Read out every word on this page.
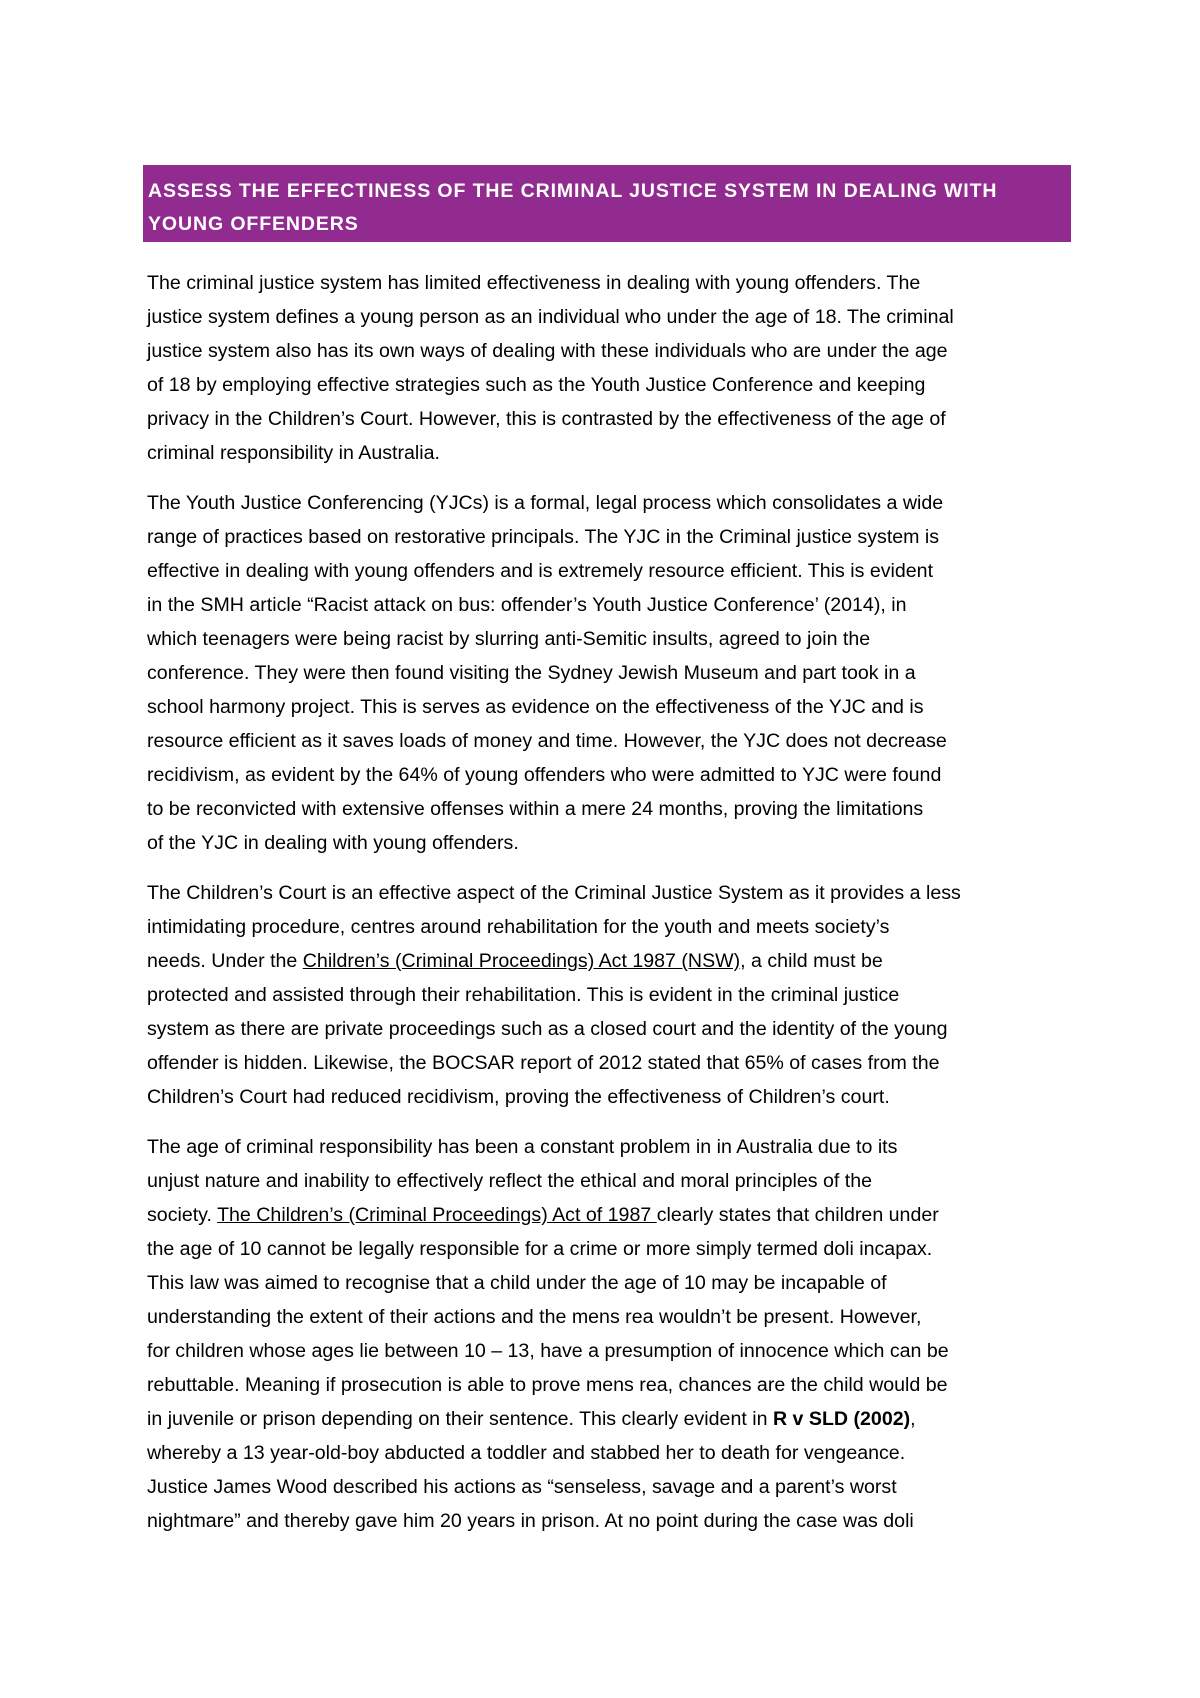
ASSESS THE EFFECTINESS OF THE CRIMINAL JUSTICE SYSTEM IN DEALING WITH
YOUNG OFFENDERS

The criminal justice system has limited effectiveness in dealing with young offenders. The
justice system defines a young person as an individual who under the age of 18. The criminal
justice system also has its own ways of dealing with these individuals who are under the age
of 18 by employing effective strategies such as the Youth Justice Conference and keeping
privacy in the Children’s Court. However, this is contrasted by the effectiveness of the age of
criminal responsibility in Australia.

The Youth Justice Conferencing (YJCs) is a formal, legal process which consolidates a wide
range of practices based on restorative principals. The YJC in the Criminal justice system is
effective in dealing with young offenders and is extremely resource efficient. This is evident
in the SMH article “Racist attack on bus: offender’s Youth Justice Conference’ (2014), in
which teenagers were being racist by slurring anti-Semitic insults, agreed to join the
conference. They were then found visiting the Sydney Jewish Museum and part took in a
school harmony project. This is serves as evidence on the effectiveness of the YJC and is
resource efficient as it saves loads of money and time. However, the YJC does not decrease
recidivism, as evident by the 64% of young offenders who were admitted to YJC were found
to be reconvicted with extensive offenses within a mere 24 months, proving the limitations
of the YJC in dealing with young offenders.

The Children’s Court is an effective aspect of the Criminal Justice System as it provides a less
intimidating procedure, centres around rehabilitation for the youth and meets society’s
needs. Under the Children’s (Criminal Proceedings) Act 1987 (NSW), a child must be
protected and assisted through their rehabilitation. This is evident in the criminal justice
system as there are private proceedings such as a closed court and the identity of the young
offender is hidden. Likewise, the BOCSAR report of 2012 stated that 65% of cases from the
Children’s Court had reduced recidivism, proving the effectiveness of Children’s court.

The age of criminal responsibility has been a constant problem in in Australia due to its
unjust nature and inability to effectively reflect the ethical and moral principles of the
society. The Children’s (Criminal Proceedings) Act of 1987 clearly states that children under
the age of 10 cannot be legally responsible for a crime or more simply termed doli incapax.
This law was aimed to recognise that a child under the age of 10 may be incapable of
understanding the extent of their actions and the mens rea wouldn’t be present. However,
for children whose ages lie between 10 – 13, have a presumption of innocence which can be
rebuttable. Meaning if prosecution is able to prove mens rea, chances are the child would be
in juvenile or prison depending on their sentence. This clearly evident in R v SLD (2002),
whereby a 13 year-old-boy abducted a toddler and stabbed her to death for vengeance.
Justice James Wood described his actions as “senseless, savage and a parent’s worst
nightmare” and thereby gave him 20 years in prison. At no point during the case was doli
